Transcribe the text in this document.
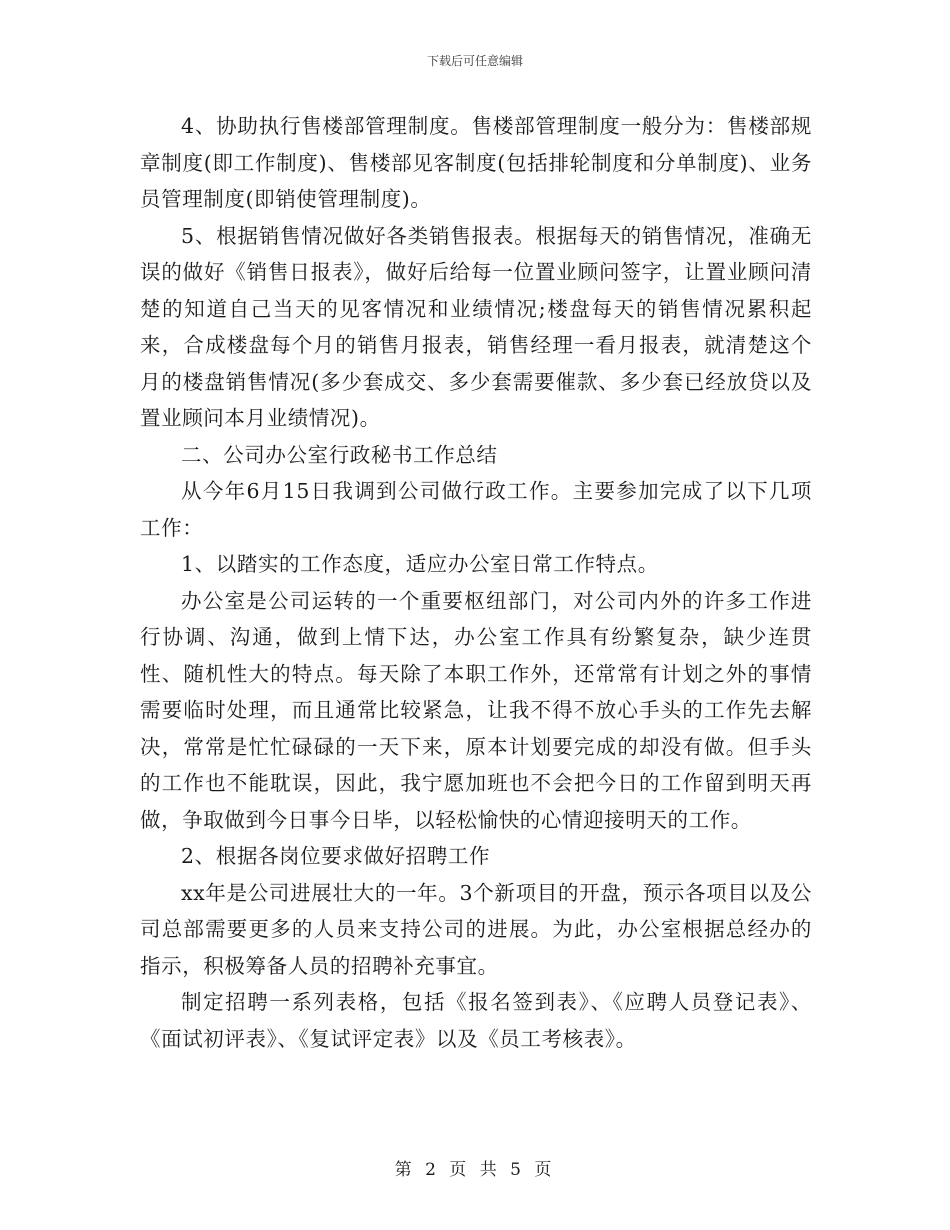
下载后可任意编辑

4、协助执行售楼部管理制度。售楼部管理制度一般分为：售楼部规章制度(即工作制度)、售楼部见客制度(包括排轮制度和分单制度)、业务员管理制度(即销使管理制度)。

5、根据销售情况做好各类销售报表。根据每天的销售情况，准确无误的做好《销售日报表》，做好后给每一位置业顾问签字，让置业顾问清楚的知道自己当天的见客情况和业绩情况;楼盘每天的销售情况累积起来，合成楼盘每个月的销售月报表，销售经理一看月报表，就清楚这个月的楼盘销售情况(多少套成交、多少套需要催款、多少套已经放贷以及置业顾问本月业绩情况)。

二、公司办公室行政秘书工作总结

从今年6月15日我调到公司做行政工作。主要参加完成了以下几项工作：

1、以踏实的工作态度，适应办公室日常工作特点。

办公室是公司运转的一个重要枢纽部门，对公司内外的许多工作进行协调、沟通，做到上情下达，办公室工作具有纷繁复杂，缺少连贯性、随机性大的特点。每天除了本职工作外，还常常有计划之外的事情需要临时处理，而且通常比较紧急，让我不得不放心手头的工作先去解决，常常是忙忙碌碌的一天下来，原本计划要完成的却没有做。但手头的工作也不能耽误，因此，我宁愿加班也不会把今日的工作留到明天再做，争取做到今日事今日毕，以轻松愉快的心情迎接明天的工作。

2、根据各岗位要求做好招聘工作

xx年是公司进展壮大的一年。3个新项目的开盘，预示各项目以及公司总部需要更多的人员来支持公司的进展。为此，办公室根据总经办的指示，积极筹备人员的招聘补充事宜。

制定招聘一系列表格，包括《报名签到表》、《应聘人员登记表》、《面试初评表》、《复试评定表》以及《员工考核表》。

第 2 页 共 5 页
